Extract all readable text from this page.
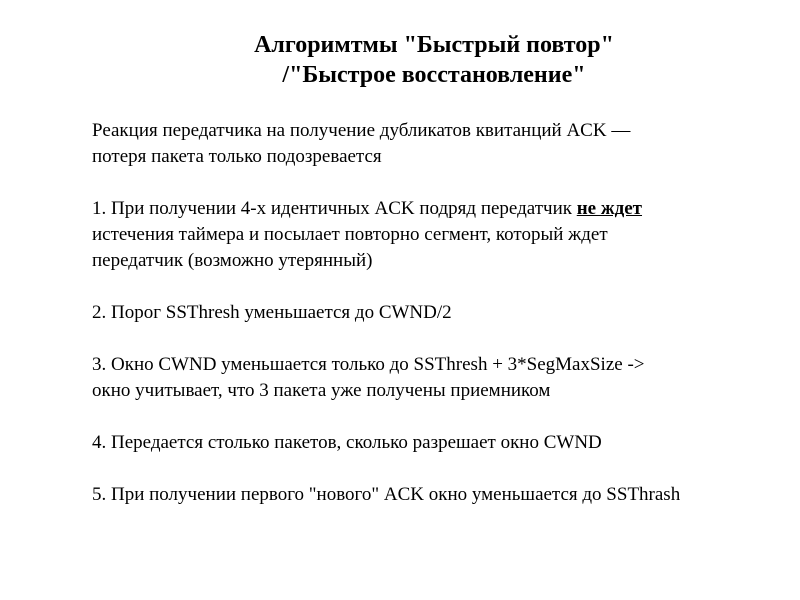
Алгоримтмы "Быстрый повтор"
/"Быстрое восстановление"
Реакция передатчика на получение дубликатов квитанций ACK —
потеря пакета только подозревается
1. При получении 4-х идентичных ACK подряд передатчик не ждет
истечения таймера и посылает повторно сегмент, который ждет
передатчик (возможно утерянный)
2. Порог SSThresh уменьшается до CWND/2
3. Окно CWND уменьшается только до SSThresh + 3*SegMaxSize ->
окно учитывает, что 3 пакета уже получены приемником
4. Передается столько пакетов, сколько разрешает окно CWND
5. При получении первого "нового" ACK окно уменьшается до SSThrash
